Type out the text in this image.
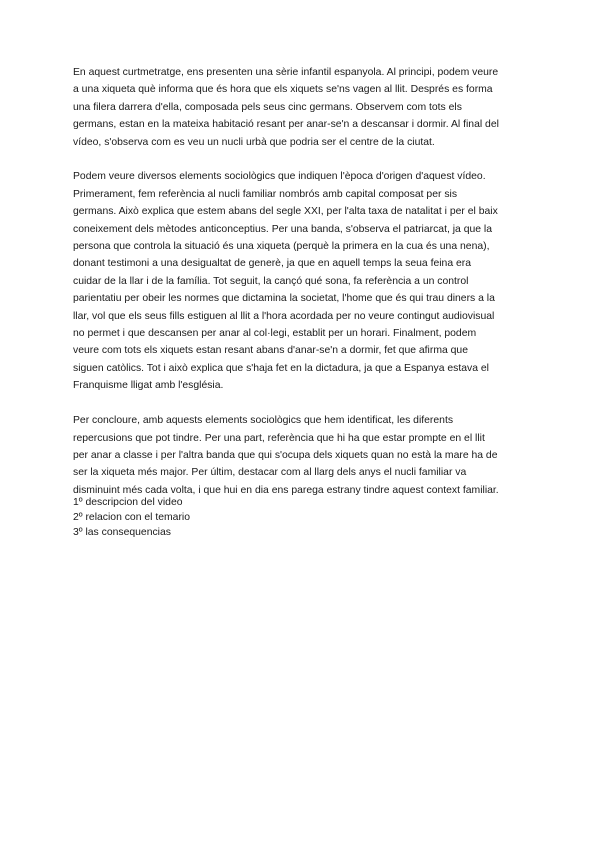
En aquest curtmetratge, ens presenten una sèrie infantil espanyola. Al principi, podem veure
a una xiqueta què informa que és hora que els xiquets se'ns vagen al llit. Després es forma
una filera darrera d'ella, composada pels seus cinc germans. Observem com tots els
germans, estan en la mateixa habitació resant per anar-se'n a descansar i dormir. Al final del
vídeo, s'observa com es veu un nucli urbà que podria ser el centre de la ciutat.

Podem veure diversos elements sociològics que indiquen l'època d'origen d'aquest vídeo.
Primerament, fem referència al nucli familiar nombrós amb capital composat per sis
germans. Això explica que estem abans del segle XXI, per l'alta taxa de natalitat i per el baix
coneixement dels mètodes anticonceptius. Per una banda, s'observa el patriarcat, ja que la
persona que controla la situació és una xiqueta (perquè la primera en la cua és una nena),
donant testimoni a una desigualtat de generè, ja que en aquell temps la seua feina era
cuidar de la llar i de la família. Tot seguit, la cançó qué sona, fa referència a un control
parientatiu per obeir les normes que dictamina la societat, l'home que és qui trau diners a la
llar, vol que els seus fills estiguen al llit a l'hora acordada per no veure contingut audiovisual
no permet i que descansen per anar al col·legi, establit per un horari. Finalment, podem
veure com tots els xiquets estan resant abans d'anar-se'n a dormir, fet que afirma que
siguen catòlics. Tot i això explica que s'haja fet en la dictadura, ja que a Espanya estava el
Franquisme lligat amb l'església.

Per concloure, amb aquests elements sociològics que hem identificat, les diferents
repercusions que pot tindre. Per una part, referència que hi ha que estar prompte en el llit
per anar a classe i per l'altra banda que qui s'ocupa dels xiquets quan no està la mare ha de
ser la xiqueta més major. Per últim, destacar com al llarg dels anys el nucli familiar va
disminuint més cada volta, i que hui en dia ens parega estrany tindre aquest context familiar.

1º descripcion del video
2º relacion con el temario
3º las consequencias
